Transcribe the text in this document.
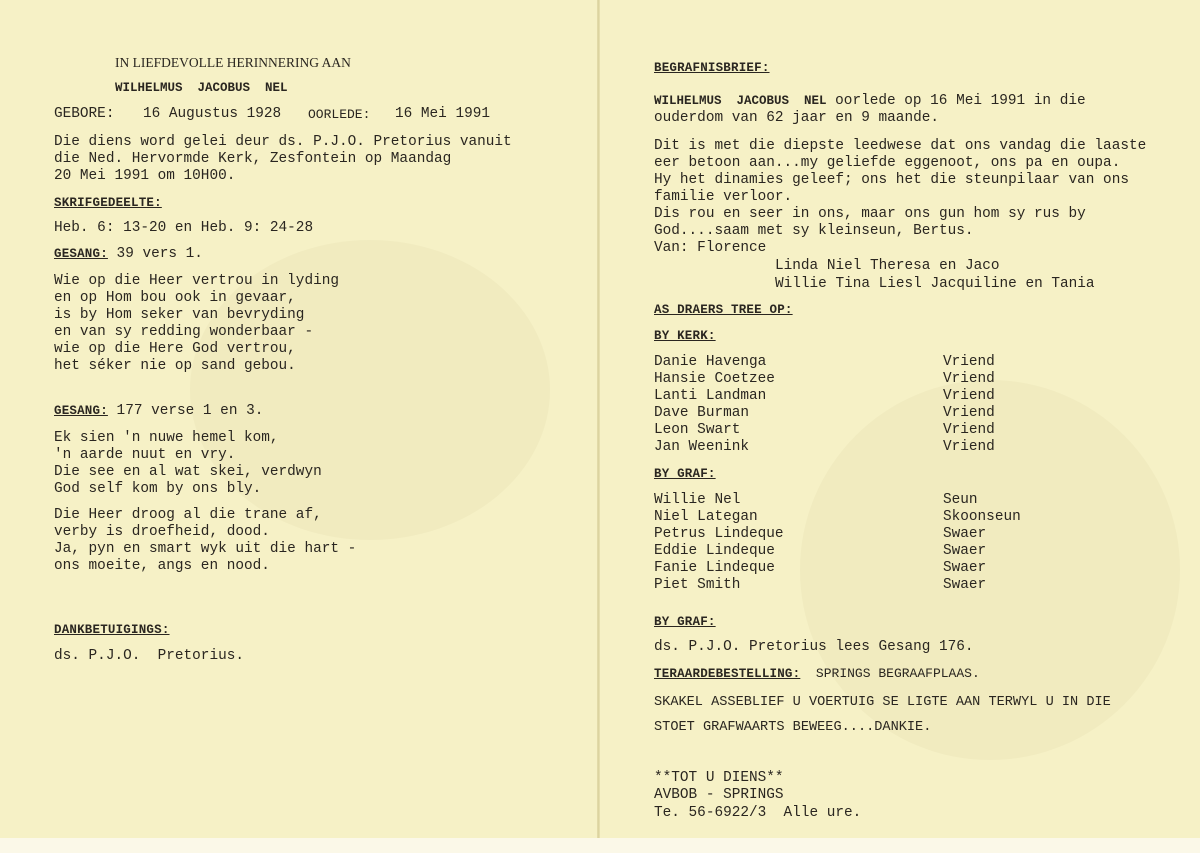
IN LIEFDEVOLLE HERINNERING AAN
WILHELMUS  JACOBUS  NEL
GEBORE: 16 Augustus 1928 OORLEDE: 16 Mei 1991
Die diens word gelei deur ds. P.J.O. Pretorius vanuit
die Ned. Hervormde Kerk, Zesfontein op Maandag
20 Mei 1991 om 10H00.
SKRIFGEDEELTE:
Heb. 6: 13-20 en Heb. 9: 24-28
GESANG: 39 vers 1.
Wie op die Heer vertrou in lyding
en op Hom bou ook in gevaar,
is by Hom seker van bevryding
en van sy redding wonderbaar -
wie op die Here God vertrou,
het séker nie op sand gebou.
GESANG: 177 verse 1 en 3.
Ek sien 'n nuwe hemel kom,
'n aarde nuut en vry.
Die see en al wat skei, verdwyn
God self kom by ons bly.
Die Heer droog al die trane af,
verby is droefheid, dood.
Ja, pyn en smart wyk uit die hart -
ons moeite, angs en nood.
DANKBETUIGINGS:
ds. P.J.O.  Pretorius.
BEGRAFNISBRIEF:
WILHELMUS  JACOBUS  NEL oorlede op 16 Mei 1991 in die
ouderdom van 62 jaar en 9 maande.
Dit is met die diepste leedwese dat ons vandag die laaste
eer betoon aan...my geliefde eggenoot, ons pa en oupa.
Hy het dinamies geleef; ons het die steunpilaar van ons
familie verloor.
Dis rou en seer in ons, maar ons gun hom sy rus by
God....saam met sy kleinseun, Bertus.
Van: Florence
Linda Niel Theresa en Jaco
Willie Tina Liesl Jacquiline en Tania
AS DRAERS TREE OP:
BY KERK:
Danie Havenga	Vriend
Hansie Coetzee	Vriend
Lanti Landman	Vriend
Dave Burman	Vriend
Leon Swart	Vriend
Jan Weenink	Vriend
BY GRAF:
Willie Nel	Seun
Niel Lategan	Skoonseun
Petrus Lindeque	Swaer
Eddie Lindeque	Swaer
Fanie Lindeque	Swaer
Piet Smith	Swaer
BY GRAF:
ds. P.J.O. Pretorius lees Gesang 176.
TERAARDEBESTELLING:  SPRINGS BEGRAAFPLAAS.
SKAKEL ASSEBLIEF U VOERTUIG SE LIGTE AAN TERWYL U IN DIE
STOET GRAFWAARTS BEWEEG....DANKIE.
**TOT U DIENS**
AVBOB - SPRINGS
Te. 56-6922/3  Alle ure.
